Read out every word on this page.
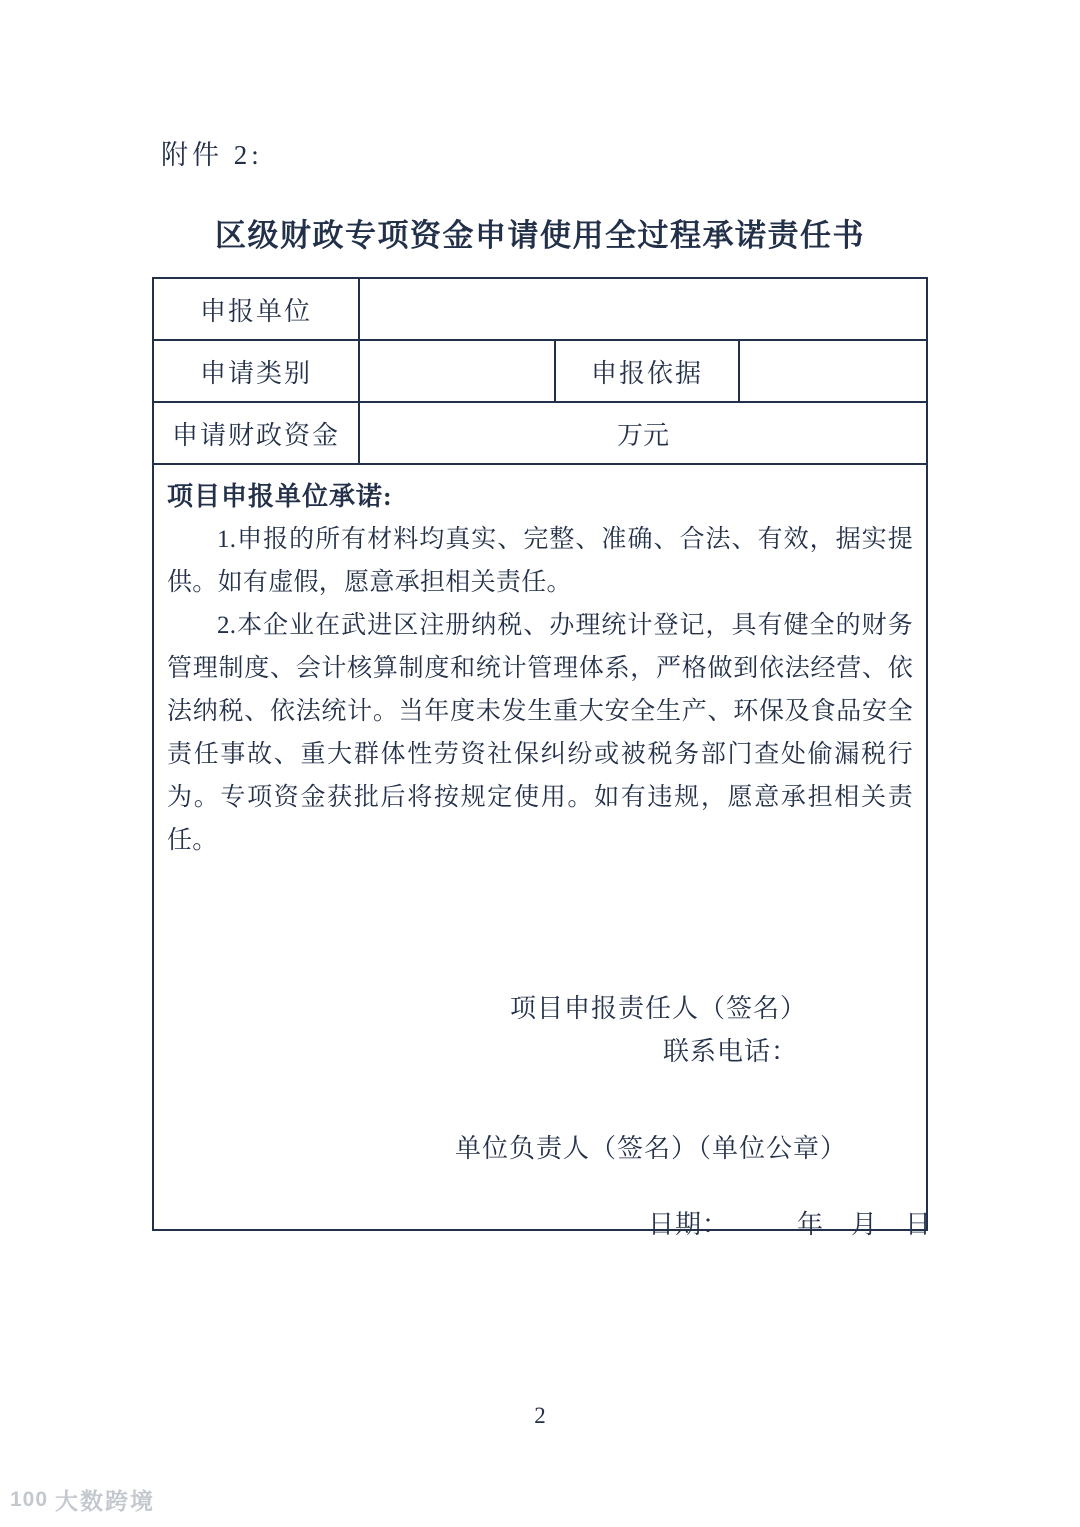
附件 2:
区级财政专项资金申请使用全过程承诺责任书
申报单位
申请类别	申报依据
申请财政资金	万元
项目申报单位承诺:

1.申报的所有材料均真实、完整、准确、合法、有效，据实提供。如有虚假，愿意承担相关责任。

2.本企业在武进区注册纳税、办理统计登记，具有健全的财务管理制度、会计核算制度和统计管理体系，严格做到依法经营、依法纳税、依法统计。当年度未发生重大安全生产、环保及食品安全责任事故、重大群体性劳资社保纠纷或被税务部门查处偷漏税行为。专项资金获批后将按规定使用。如有违规，愿意承担相关责任。

项目申报责任人（签名）
联系电话：
单位负责人（签名）（单位公章）
日期：　　　年　月　日
2
100 大数跨境
